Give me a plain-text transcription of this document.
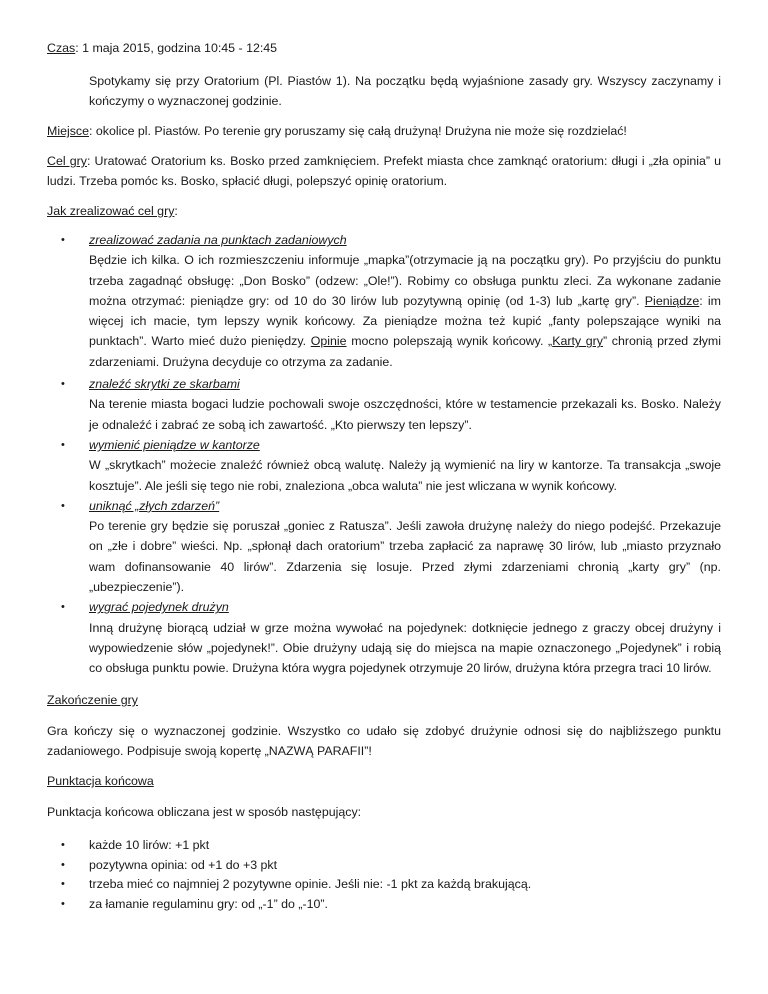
Czas: 1 maja 2015, godzina 10:45 - 12:45
Spotykamy się przy Oratorium (Pl. Piastów 1). Na początku będą wyjaśnione zasady gry. Wszyscy zaczynamy i kończymy o wyznaczonej godzinie.
Miejsce: okolice pl. Piastów. Po terenie gry poruszamy się całą drużyną! Drużyna nie może się rozdzielać!
Cel gry: Uratować Oratorium ks. Bosko przed zamknięciem. Prefekt miasta chce zamknąć oratorium: długi i „zła opinia” u ludzi. Trzeba pomóc ks. Bosko, spłacić długi, polepszyć opinię oratorium.
Jak zrealizować cel gry:
• zrealizować zadania na punktach zadaniowych
Będzie ich kilka. O ich rozmieszczeniu informuje „mapka”(otrzymacie ją na początku gry). Po przyjściu do punktu trzeba zagadnąć obsługę: „Don Bosko” (odzew: „Ole!”). Robimy co obsługa punktu zleci. Za wykonane zadanie można otrzymać: pieniądze gry: od 10 do 30 lirów lub pozytywną opinię (od 1-3) lub „kartę gry”. Pieniądze: im więcej ich macie, tym lepszy wynik końcowy. Za pieniądze można też kupić „fanty polepszające wyniki na punktach”. Warto mieć dużo pieniędzy. Opinie mocno polepszają wynik końcowy. „Karty gry” chronią przed złymi zdarzeniami. Drużyna decyduje co otrzyma za zadanie.
• znaleźć skrytki ze skarbami
Na terenie miasta bogaci ludzie pochowali swoje oszczędności, które w testamencie przekazali ks. Bosko. Należy je odnaleźć i zabrać ze sobą ich zawartość. „Kto pierwszy ten lepszy”.
• wymienić pieniądze w kantorze
W „skrytkach” możecie znaleźć również obcą walutę. Należy ją wymienić na liry w kantorze. Ta transakcja „swoje kosztuje”. Ale jeśli się tego nie robi, znaleziona „obca waluta” nie jest wliczana w wynik końcowy.
• uniknąć „złych zdarzeń”
Po terenie gry będzie się poruszał „goniec z Ratusza”. Jeśli zawoła drużynę należy do niego podejść. Przekazuje on „złe i dobre” wieści. Np. „spłonął dach oratorium” trzeba zapłacić za naprawę 30 lirów, lub „miasto przyznało wam dofinansowanie 40 lirów”. Zdarzenia się losuje. Przed złymi zdarzeniami chronią „karty gry” (np. „ubezpieczenie”).
• wygrać pojedynek drużyn
Inną drużynę biorącą udział w grze można wywołać na pojedynek: dotknięcie jednego z graczy obcej drużyny i wypowiedzenie słów „pojedynek!”. Obie drużyny udają się do miejsca na mapie oznaczonego „Pojedynek” i robią co obsługa punktu powie. Drużyna która wygra pojedynek otrzymuje 20 lirów, drużyna która przegra traci 10 lirów.
Zakończenie gry
Gra kończy się o wyznaczonej godzinie. Wszystko co udało się zdobyć drużynie odnosi się do najbliższego punktu zadaniowego. Podpisuje swoją kopertę „NAZWĄ PARAFII”!
Punktacja końcowa
Punktacja końcowa obliczana jest w sposób następujący:
• każde 10 lirów: +1 pkt
• pozytywna opinia: od +1 do +3 pkt
• trzeba mieć co najmniej 2 pozytywne opinie. Jeśli nie: -1 pkt za każdą brakującą.
• za łamanie regulaminu gry: od „-1” do „-10”.
